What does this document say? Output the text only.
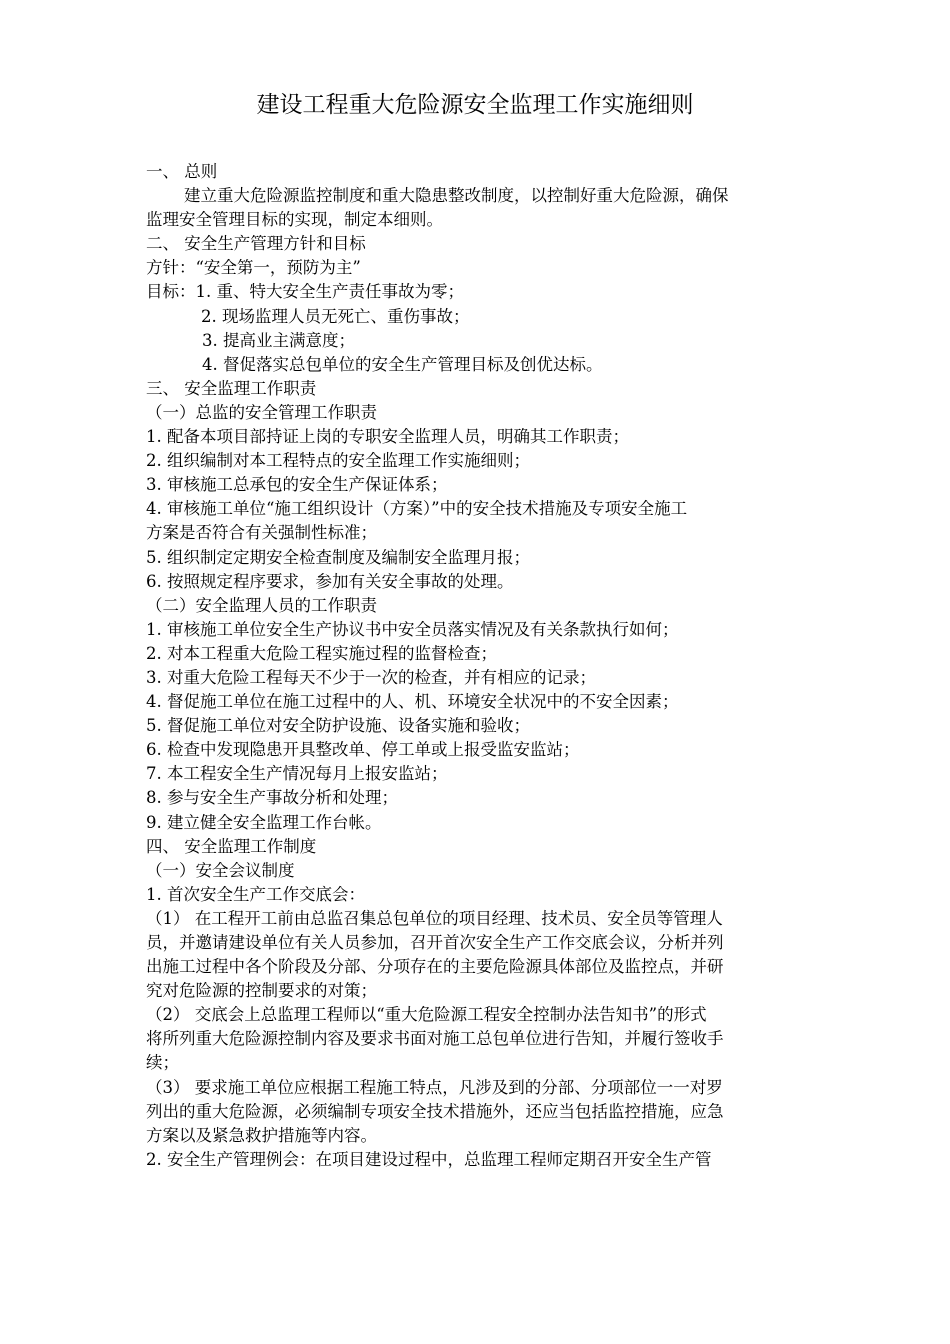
建设工程重大危险源安全监理工作实施细则
一、 总则
建立重大危险源监控制度和重大隐患整改制度，以控制好重大危险源，确保
监理安全管理目标的实现，制定本细则。
二、 安全生产管理方针和目标
方针：“安全第一，预防为主”
目标：1. 重、特大安全生产责任事故为零；
2. 现场监理人员无死亡、重伤事故；
3. 提高业主满意度；
4. 督促落实总包单位的安全生产管理目标及创优达标。
三、 安全监理工作职责
（一）总监的安全管理工作职责
1. 配备本项目部持证上岗的专职安全监理人员，明确其工作职责；
2. 组织编制对本工程特点的安全监理工作实施细则；
3. 审核施工总承包的安全生产保证体系；
4. 审核施工单位“施工组织设计（方案）”中的安全技术措施及专项安全施工
方案是否符合有关强制性标准；
5. 组织制定定期安全检查制度及编制安全监理月报；
6. 按照规定程序要求，参加有关安全事故的处理。
（二）安全监理人员的工作职责
1. 审核施工单位安全生产协议书中安全员落实情况及有关条款执行如何；
2. 对本工程重大危险工程实施过程的监督检查；
3. 对重大危险工程每天不少于一次的检查，并有相应的记录；
4. 督促施工单位在施工过程中的人、机、环境安全状况中的不安全因素；
5. 督促施工单位对安全防护设施、设备实施和验收；
6. 检查中发现隐患开具整改单、停工单或上报受监安监站；
7. 本工程安全生产情况每月上报安监站；
8. 参与安全生产事故分析和处理；
9. 建立健全安全监理工作台帐。
四、 安全监理工作制度
（一）安全会议制度
1. 首次安全生产工作交底会：
（1） 在工程开工前由总监召集总包单位的项目经理、技术员、安全员等管理人
员，并邀请建设单位有关人员参加，召开首次安全生产工作交底会议，分析并列
出施工过程中各个阶段及分部、分项存在的主要危险源具体部位及监控点，并研
究对危险源的控制要求的对策；
（2） 交底会上总监理工程师以“重大危险源工程安全控制办法告知书”的形式
将所列重大危险源控制内容及要求书面对施工总包单位进行告知，并履行签收手
续；
（3） 要求施工单位应根据工程施工特点，凡涉及到的分部、分项部位一一对罗
列出的重大危险源，必须编制专项安全技术措施外，还应当包括监控措施，应急
方案以及紧急救护措施等内容。
2. 安全生产管理例会：在项目建设过程中，总监理工程师定期召开安全生产管
